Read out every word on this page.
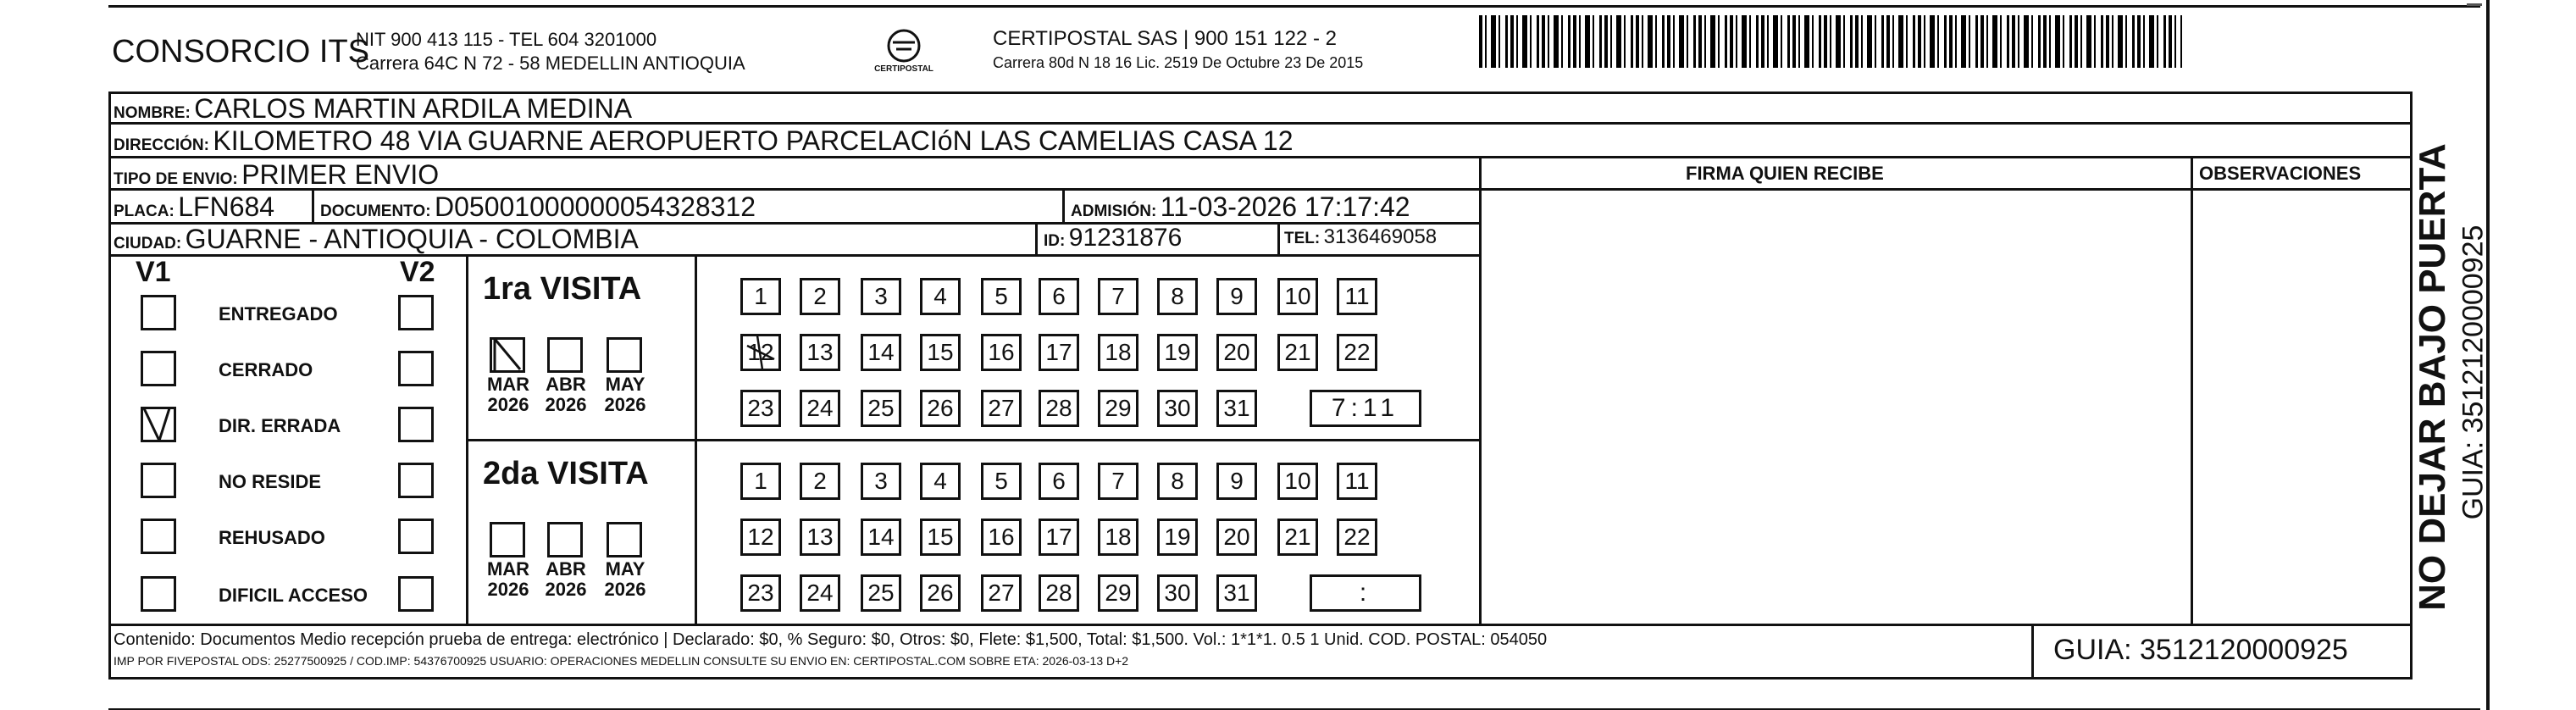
CONSORCIO ITS
NIT 900 413 115 - TEL 604 3201000
Carrera 64C N 72 - 58 MEDELLIN ANTIOQUIA	CERTIPOSTAL
CERTIPOSTAL SAS | 900 151 122 - 2
Carrera 80d N 18 16 Lic. 2519 De Octubre 23 De 2015
NOMBRE: CARLOS MARTIN ARDILA MEDINA
DIRECCIÓN: KILOMETRO 48 VIA GUARNE AEROPUERTO PARCELACIóN LAS CAMELIAS CASA 12
TIPO DE ENVIO: PRIMER ENVIO	FIRMA QUIEN RECIBE	OBSERVACIONES
PLACA: LFN684	DOCUMENTO: D05001000000054328312	ADMISIÓN: 11-03-2026 17:17:42
CIUDAD: GUARNE - ANTIOQUIA - COLOMBIA	ID: 91231876	TEL: 3136469058
V1	V2
ENTREGADO
CERRADO
DIR. ERRADA
NO RESIDE
REHUSADO
DIFICIL ACCESO
1ra VISITA
MAR
2026
ABR
2026
MAY
2026
1	2	3	4	5	6	7	8	9	10	11
12	13	14	15	16	17	18	19	20	21	22
23	24	25	26	27	28	29	30	31	7:11
2da VISITA
MAR
2026
ABR
2026
MAY
2026
1	2	3	4	5	6	7	8	9	10	11
12	13	14	15	16	17	18	19	20	21	22
23	24	25	26	27	28	29	30	31	:	NO DEJAR BAJO PUERTA GUIA: 3512120000925
Contenido: Documentos Medio recepción prueba de entrega: electrónico | Declarado: $0, % Seguro: $0, Otros: $0, Flete: $1,500, Total: $1,500. Vol.: 1*1*1. 0.5 1 Unid. COD. POSTAL: 054050
IMP POR FIVEPOSTAL ODS: 25277500925 / COD.IMP: 54376700925 USUARIO: OPERACIONES MEDELLIN CONSULTE SU ENVIO EN: CERTIPOSTAL.COM SOBRE ETA: 2026-03-13 D+2	GUIA: 3512120000925
